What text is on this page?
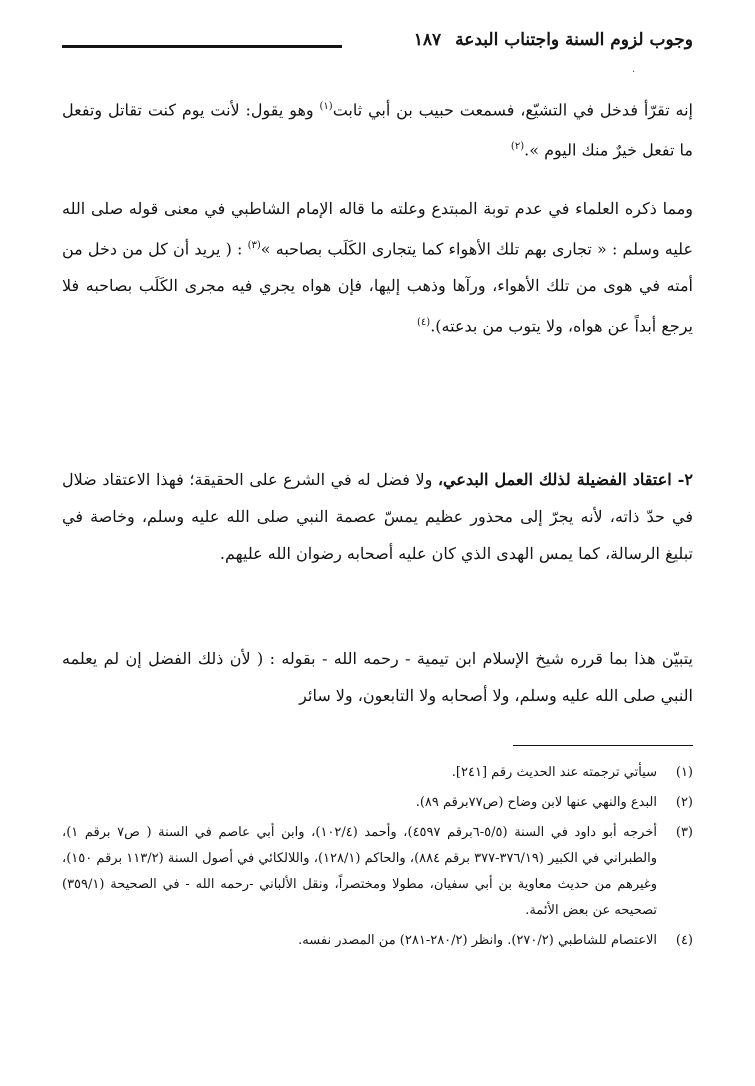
وجوب لزوم السنة واجتناب البدعة ١٨٧
·

إنه تقرّأ فدخل في التشيّع، فسمعت حبيب بن أبي ثابت$^{(١)}$ وهو يقول: لأنت يوم كنت تقاتل وتفعل ما تفعل خيرٌ منك اليوم ».$^{(٢)}$

ومما ذكره العلماء في عدم توبة المبتدع وعلته ما قاله الإمام الشاطبي في معنى قوله صلى الله عليه وسلم : « تجارى بهم تلك الأهواء كما يتجارى الكَلَب بصاحبه »$^{(٣)}$ : ( يريد أن كل من دخل من أمته في هوى من تلك الأهواء، ورآها وذهب إليها، فإن هواه يجري فيه مجرى الكَلَب بصاحبه فلا يرجع أبداً عن هواه، ولا يتوب من بدعته).$^{(٤)}$

٢- اعتقاد الفضيلة لذلك العمل البدعي، ولا فضل له في الشرع على الحقيقة؛ فهذا الاعتقاد ضلال في حدّ ذاته، لأنه يجرّ إلى محذور عظيم يمسّ عصمة النبي صلى الله عليه وسلم، وخاصة في تبليغ الرسالة، كما يمس الهدى الذي كان عليه أصحابه رضوان الله عليهم.

يتبيّن هذا بما قرره شيخ الإسلام ابن تيمية - رحمه الله - بقوله : ( لأن ذلك الفضل إن لم يعلمه النبي صلى الله عليه وسلم، ولا أصحابه ولا التابعون، ولا سائر

(١)
سيأتي ترجمته عند الحديث رقم [٢٤١].
(٢)
البدع والنهي عنها لابن وضاح (ص٧٧برقم ٨٩).
(٣)
أخرجه أبو داود في السنة (٥/٥-٦برقم ٤٥٩٧)، وأحمد (١٠٢/٤)، وابن أبي عاصم في السنة ( ص٧ برقم ١)، والطبراني في الكبير (٣٧٦/١٩-٣٧٧ برقم ٨٨٤)، والحاكم (١٢٨/١)، واللالكائي في أصول السنة (١١٣/٢ برقم ١٥٠)، وغيرهم من حديث معاوية بن أبي سفيان، مطولا ومختصراً، ونقل الألباني -رحمه الله - في الصحيحة (٣٥٩/١) تصحيحه عن بعض الأئمة.
(٤)
الاعتصام للشاطبي (٢٧٠/٢). وانظر (٢٨٠/٢-٢٨١) من المصدر نفسه.
